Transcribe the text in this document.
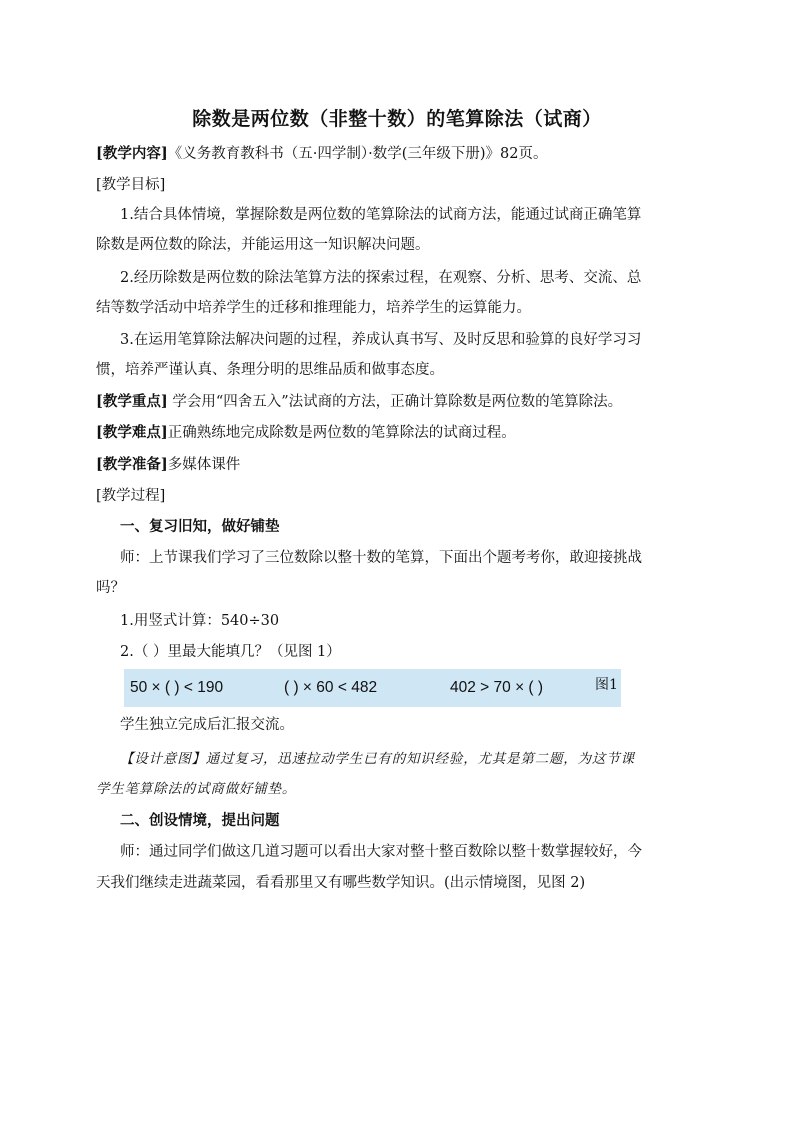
除数是两位数（非整十数）的笔算除法（试商）
[教学内容]《义务教育教科书（五·四学制）·数学(三年级下册)》82页。
[教学目标]
1.结合具体情境，掌握除数是两位数的笔算除法的试商方法，能通过试商正确笔算
除数是两位数的除法，并能运用这一知识解决问题。
2.经历除数是两位数的除法笔算方法的探索过程，在观察、分析、思考、交流、总
结等数学活动中培养学生的迁移和推理能力，培养学生的运算能力。
3.在运用笔算除法解决问题的过程，养成认真书写、及时反思和验算的良好学习习
惯，培养严谨认真、条理分明的思维品质和做事态度。
[教学重点] 学会用“四舍五入”法试商的方法，正确计算除数是两位数的笔算除法。
[教学难点]正确熟练地完成除数是两位数的笔算除法的试商过程。
[教学准备]多媒体课件
[教学过程]
一、复习旧知，做好铺垫
师：上节课我们学习了三位数除以整十数的笔算，下面出个题考考你，敢迎接挑战
吗？
1.用竖式计算：540÷30
2.（ ）里最大能填几？（见图 1）
50 × ( ) < 190	( ) × 60 < 482	402 > 70 × ( )	图1
学生独立完成后汇报交流。
【设计意图】通过复习，迅速拉动学生已有的知识经验，尤其是第二题，为这节课
学生笔算除法的试商做好铺垫。
二、创设情境，提出问题
师：通过同学们做这几道习题可以看出大家对整十整百数除以整十数掌握较好，今
天我们继续走进蔬菜园，看看那里又有哪些数学知识。(出示情境图，见图 2)
